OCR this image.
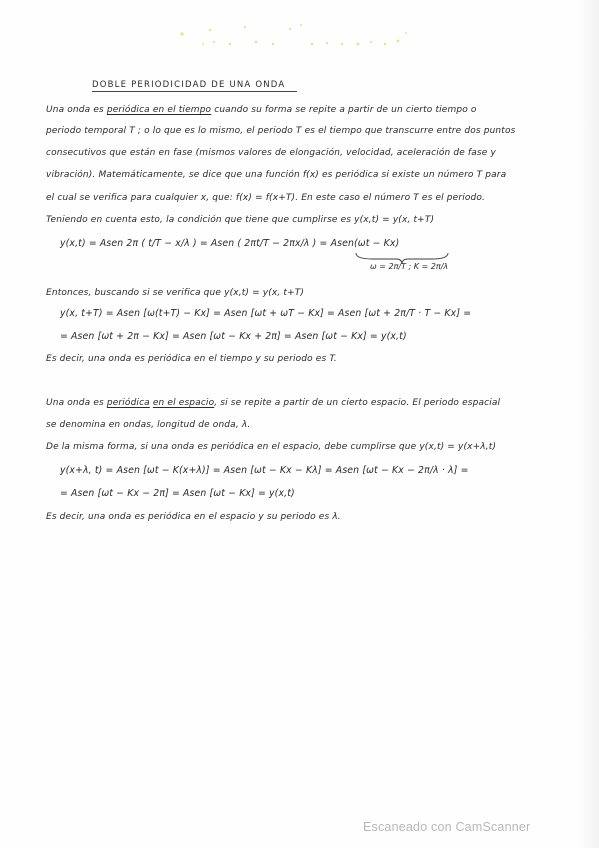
DOBLE PERIODICIDAD DE UNA ONDA
Una onda es periódica en el tiempo cuando su forma se repite a partir de un cierto tiempo o
periodo temporal T ; o lo que es lo mismo, el periodo T es el tiempo que transcurre entre dos puntos
consecutivos que están en fase (mismos valores de elongación, velocidad, aceleración de fase y
vibración). Matemáticamente, se dice que una función f(x) es periódica si existe un número T para
el cual se verifica para cualquier x, que: f(x) = f(x+T). En este caso el número T es el periodo.
Teniendo en cuenta esto, la condición que tiene que cumplirse es y(x,t) = y(x, t+T)
y(x,t) = Asen 2π ( t/T − x/λ ) = Asen ( 2πt/T − 2πx/λ ) = Asen(ωt − Kx)
ω = 2π/T ; K = 2π/λ
Entonces, buscando si se verifica que y(x,t) = y(x, t+T)
y(x, t+T) = Asen [ω(t+T) − Kx] = Asen [ωt + ωT − Kx] = Asen [ωt + 2π/T · T − Kx] =
= Asen [ωt + 2π − Kx] = Asen [ωt − Kx + 2π] = Asen [ωt − Kx] = y(x,t)
Es decir, una onda es periódica en el tiempo y su periodo es T.
Una onda es periódica en el espacio, si se repite a partir de un cierto espacio. El periodo espacial
se denomina en ondas, longitud de onda, λ.
De la misma forma, si una onda es periódica en el espacio, debe cumplirse que y(x,t) = y(x+λ,t)
y(x+λ, t) = Asen [ωt − K(x+λ)] = Asen [ωt − Kx − Kλ] = Asen [ωt − Kx − 2π/λ · λ] =
= Asen [ωt − Kx − 2π] = Asen [ωt − Kx] = y(x,t)
Es decir, una onda es periódica en el espacio y su periodo es λ.
Escaneado con CamScanner
